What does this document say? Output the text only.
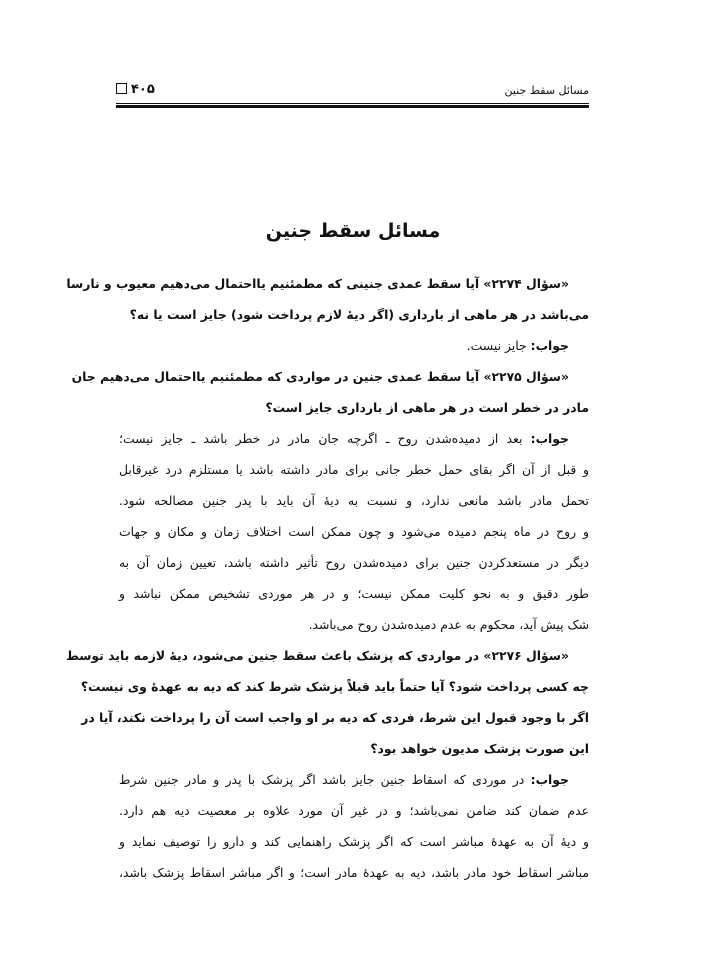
مسائل سقط جنین
۴۰۵
مسائل سقط جنین
«سؤال ۲۲۷۴» آیا سقط عمدی جنینی که مطمئنیم یااحتمال می‌دهیم معیوب و نارسا
می‌باشد در هر ماهی از بارداری (اگر دیهٔ لازم پرداخت شود) جایز است یا نه؟
جواب: جایز نیست.
«سؤال ۲۲۷۵» آیا سقط عمدی جنین در مواردی که مطمئنیم یااحتمال می‌دهیم جان
مادر در خطر است در هر ماهی از بارداری جایز است؟
جواب: بعد از دمیده‌شدن روح ـ اگرچه جان مادر در خطر باشد ـ جایز نیست؛
و قبل از آن اگر بقای حمل خطر جانی برای مادر داشته باشد یا مستلزم درد غیرقابل
تحمل مادر باشد مانعی ندارد، و نسبت به دیهٔ آن باید با پدر جنین مصالحه شود.
و روح در ماه پنجم دمیده می‌شود و چون ممکن است اختلاف زمان و مکان و جهات
دیگر در مستعدکردن جنین برای دمیده‌شدن روح تأثیر داشته باشد، تعیین زمان آن به
طور دقیق و به نحو کلیت ممکن نیست؛ و در هر موردی تشخیص ممکن نباشد و
شک پیش آید، محکوم به عدم دمیده‌شدن روح می‌باشد.
«سؤال ۲۲۷۶» در مواردی که پزشک باعث سقط جنین می‌شود، دیهٔ لازمه باید توسط
چه کسی پرداخت شود؟ آیا حتماً باید قبلاً پزشک شرط کند که دیه به عهدهٔ وی نیست؟
اگر با وجود قبول این شرط، فردی که دیه بر او واجب است آن را پرداخت نکند، آیا در
این صورت پزشک مدیون خواهد بود؟
جواب: در موردی که اسقاط جنین جایز باشد اگر پزشک با پدر و مادر جنین شرط
عدم ضمان کند ضامن نمی‌باشد؛ و در غیر آن مورد علاوه بر معصیت دیه هم دارد.
و دیهٔ آن به عهدهٔ مباشر است که اگر پزشک راهنمایی کند و دارو را توصیف نماید و
مباشر اسقاط خود مادر باشد، دیه به عهدهٔ مادر است؛ و اگر مباشر اسقاط پزشک باشد،
